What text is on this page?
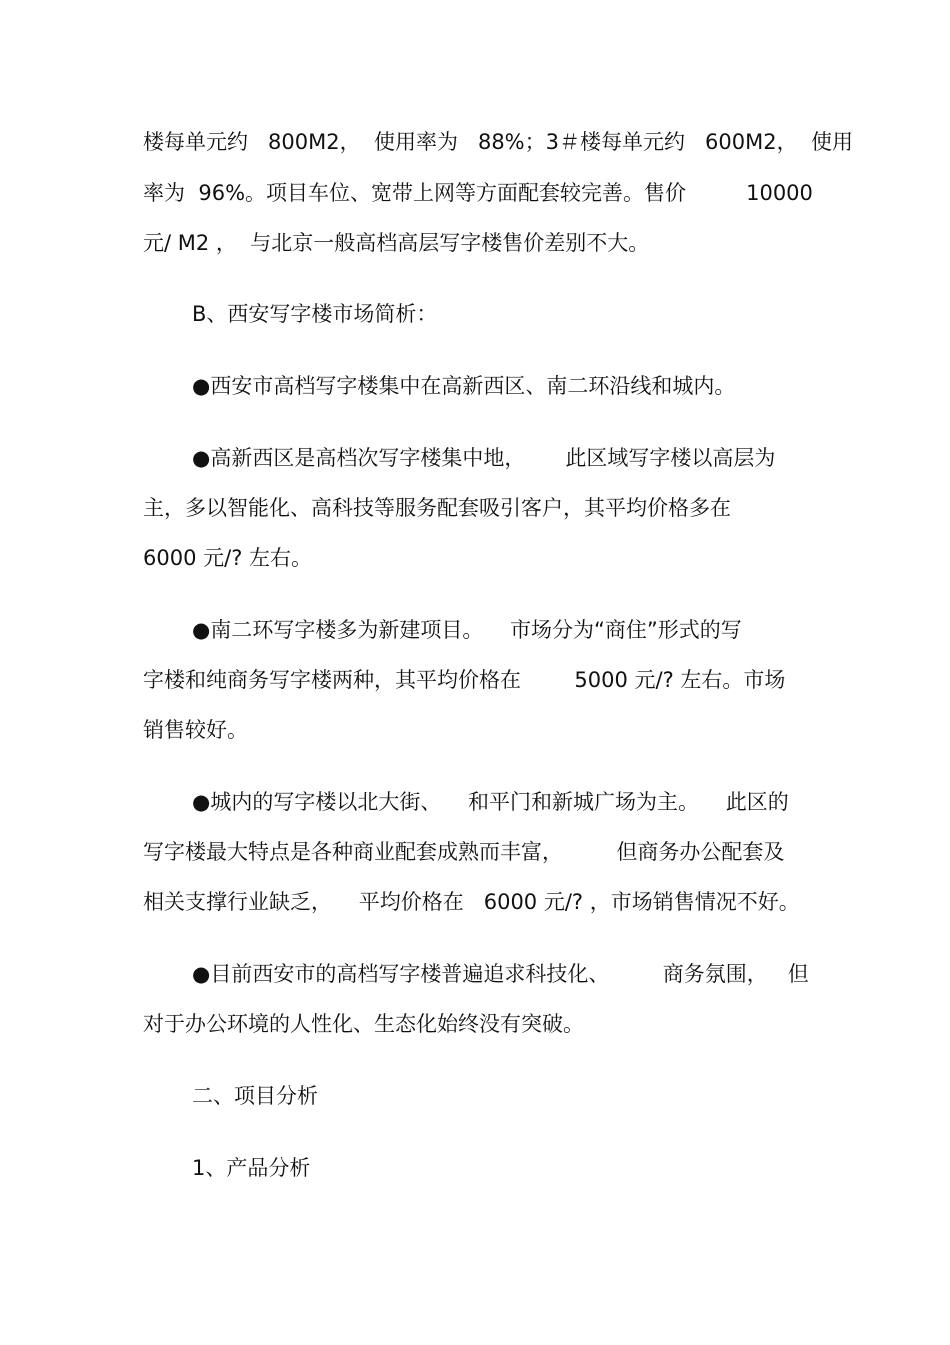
楼每单元约   800M2，  使用率为   88%；3＃楼每单元约   600M2，  使用
率为  96%。项目车位、宽带上网等方面配套较完善。售价         10000
元/ M2 ，  与北京一般高档高层写字楼售价差别不大。
B、西安写字楼市场简析：
●西安市高档写字楼集中在高新西区、南二环沿线和城内。
●高新西区是高档次写字楼集中地，      此区域写字楼以高层为
主，多以智能化、高科技等服务配套吸引客户，其平均价格多在
6000 元/? 左右。
●南二环写字楼多为新建项目。    市场分为“商住”形式的写
字楼和纯商务写字楼两种，其平均价格在        5000 元/? 左右。市场
销售较好。
●城内的写字楼以北大街、    和平门和新城广场为主。    此区的
写字楼最大特点是各种商业配套成熟而丰富，        但商务办公配套及
相关支撑行业缺乏，    平均价格在   6000 元/? ，市场销售情况不好。
●目前西安市的高档写字楼普遍追求科技化、        商务氛围，   但
对于办公环境的人性化、生态化始终没有突破。
二、项目分析
1、产品分析
